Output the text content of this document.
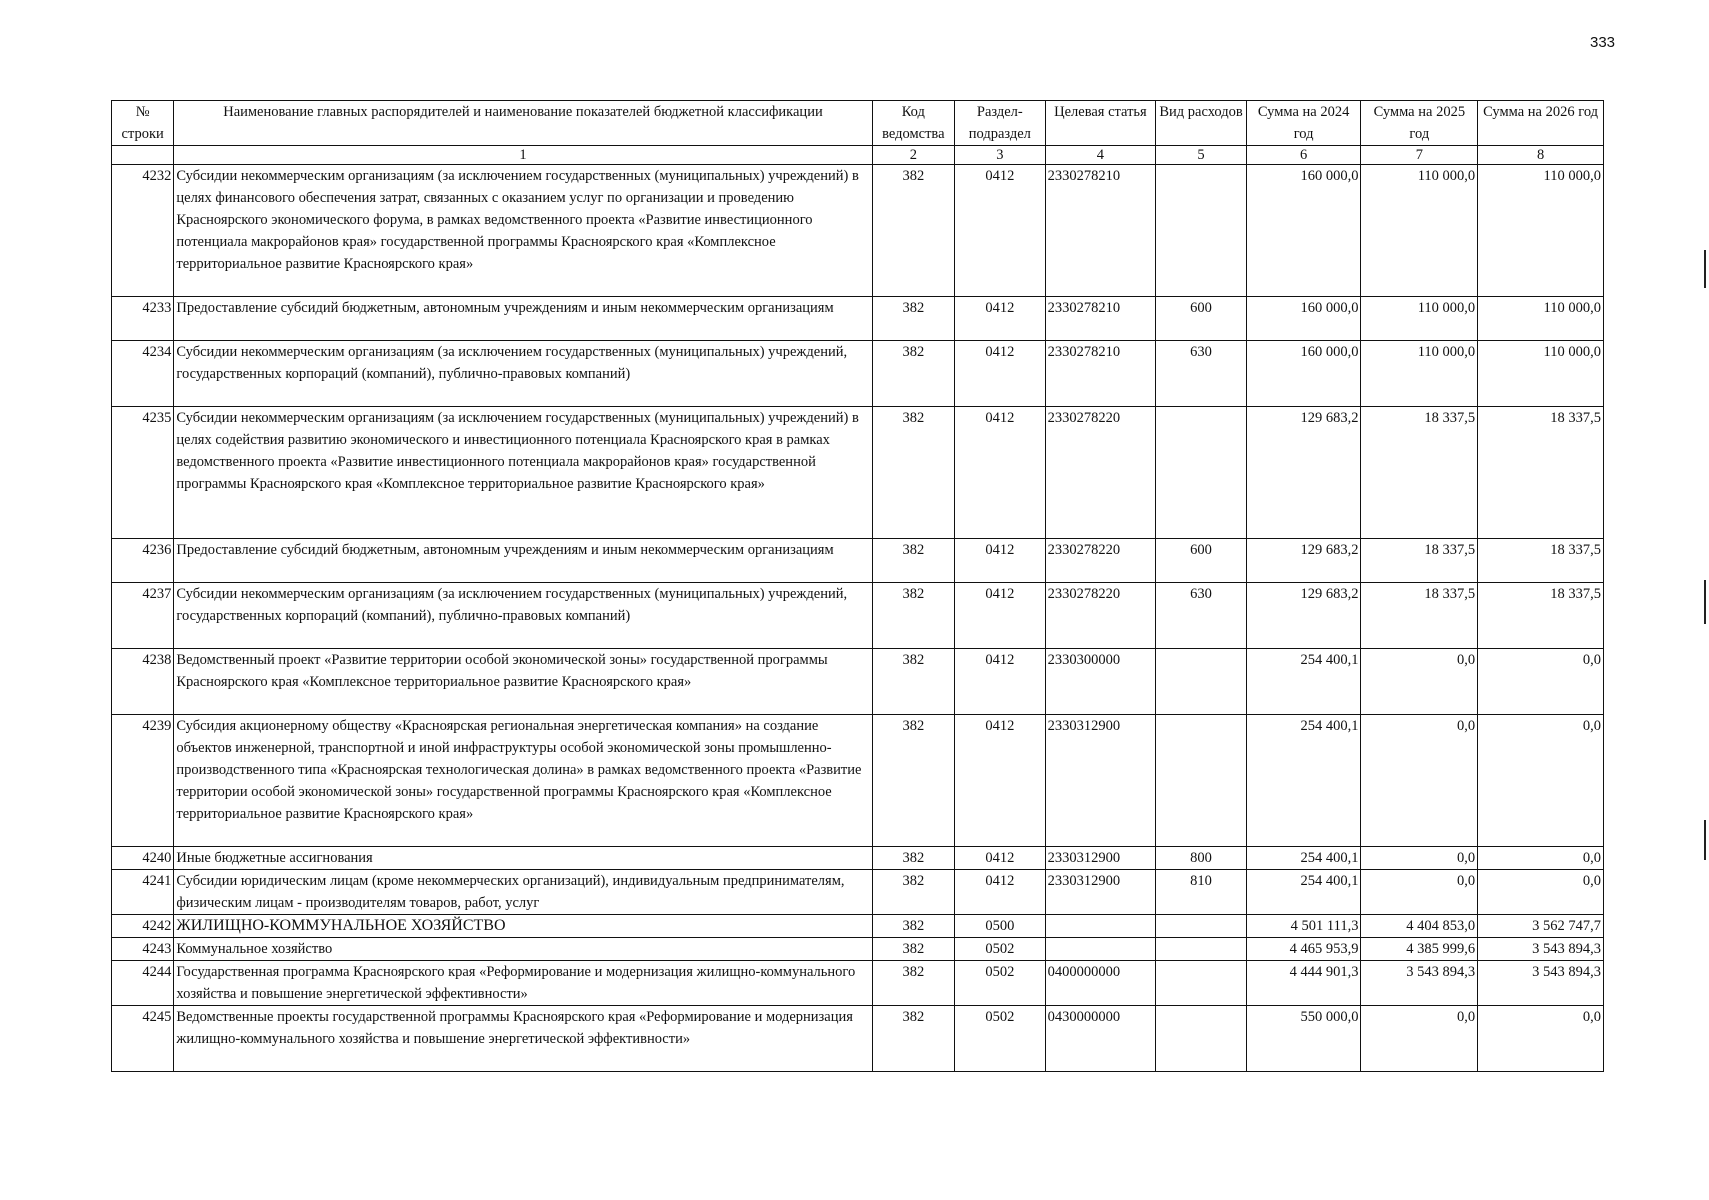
333
№ строки	Наименование главных распорядителей и наименование показателей бюджетной классификации	Код ведомства	Раздел-подраздел	Целевая статья	Вид расходов	Сумма на 2024 год	Сумма на 2025 год	Сумма на 2026 год
	1	2	3	4	5	6	7	8
4232	Субсидии некоммерческим организациям (за исключением государственных (муниципальных) учреждений) в целях финансового обеспечения затрат, связанных с оказанием услуг по организации и проведению Красноярского экономического форума, в рамках ведомственного проекта «Развитие инвестиционного потенциала макрорайонов края» государственной программы Красноярского края «Комплексное территориальное развитие Красноярского края»	382	0412	2330278210		160 000,0	110 000,0	110 000,0
4233	Предоставление субсидий бюджетным, автономным учреждениям и иным некоммерческим организациям	382	0412	2330278210	600	160 000,0	110 000,0	110 000,0
4234	Субсидии некоммерческим организациям (за исключением государственных (муниципальных) учреждений, государственных корпораций (компаний), публично-правовых компаний)	382	0412	2330278210	630	160 000,0	110 000,0	110 000,0
4235	Субсидии некоммерческим организациям (за исключением государственных (муниципальных) учреждений) в целях содействия развитию экономического и инвестиционного потенциала Красноярского края в рамках ведомственного проекта «Развитие инвестиционного потенциала макрорайонов края» государственной программы Красноярского края «Комплексное территориальное развитие Красноярского края»	382	0412	2330278220		129 683,2	18 337,5	18 337,5
4236	Предоставление субсидий бюджетным, автономным учреждениям и иным некоммерческим организациям	382	0412	2330278220	600	129 683,2	18 337,5	18 337,5
4237	Субсидии некоммерческим организациям (за исключением государственных (муниципальных) учреждений, государственных корпораций (компаний), публично-правовых компаний)	382	0412	2330278220	630	129 683,2	18 337,5	18 337,5
4238	Ведомственный проект «Развитие территории особой экономической зоны» государственной программы Красноярского края «Комплексное территориальное развитие Красноярского края»	382	0412	2330300000		254 400,1	0,0	0,0
4239	Субсидия акционерному обществу «Красноярская региональная энергетическая компания» на создание объектов инженерной, транспортной и иной инфраструктуры особой экономической зоны промышленно-производственного типа «Красноярская технологическая долина» в рамках ведомственного проекта «Развитие территории особой экономической зоны» государственной программы Красноярского края «Комплексное территориальное развитие Красноярского края»	382	0412	2330312900		254 400,1	0,0	0,0
4240	Иные бюджетные ассигнования	382	0412	2330312900	800	254 400,1	0,0	0,0
4241	Субсидии юридическим лицам (кроме некоммерческих организаций), индивидуальным предпринимателям, физическим лицам - производителям товаров, работ, услуг	382	0412	2330312900	810	254 400,1	0,0	0,0
4242	ЖИЛИЩНО-КОММУНАЛЬНОЕ ХОЗЯЙСТВО	382	0500			4 501 111,3	4 404 853,0	3 562 747,7
4243	Коммунальное хозяйство	382	0502			4 465 953,9	4 385 999,6	3 543 894,3
4244	Государственная программа Красноярского края «Реформирование и модернизация жилищно-коммунального хозяйства и повышение энергетической эффективности»	382	0502	0400000000		4 444 901,3	3 543 894,3	3 543 894,3
4245	Ведомственные проекты государственной программы Красноярского края «Реформирование и модернизация жилищно-коммунального хозяйства и повышение энергетической эффективности»	382	0502	0430000000		550 000,0	0,0	0,0
